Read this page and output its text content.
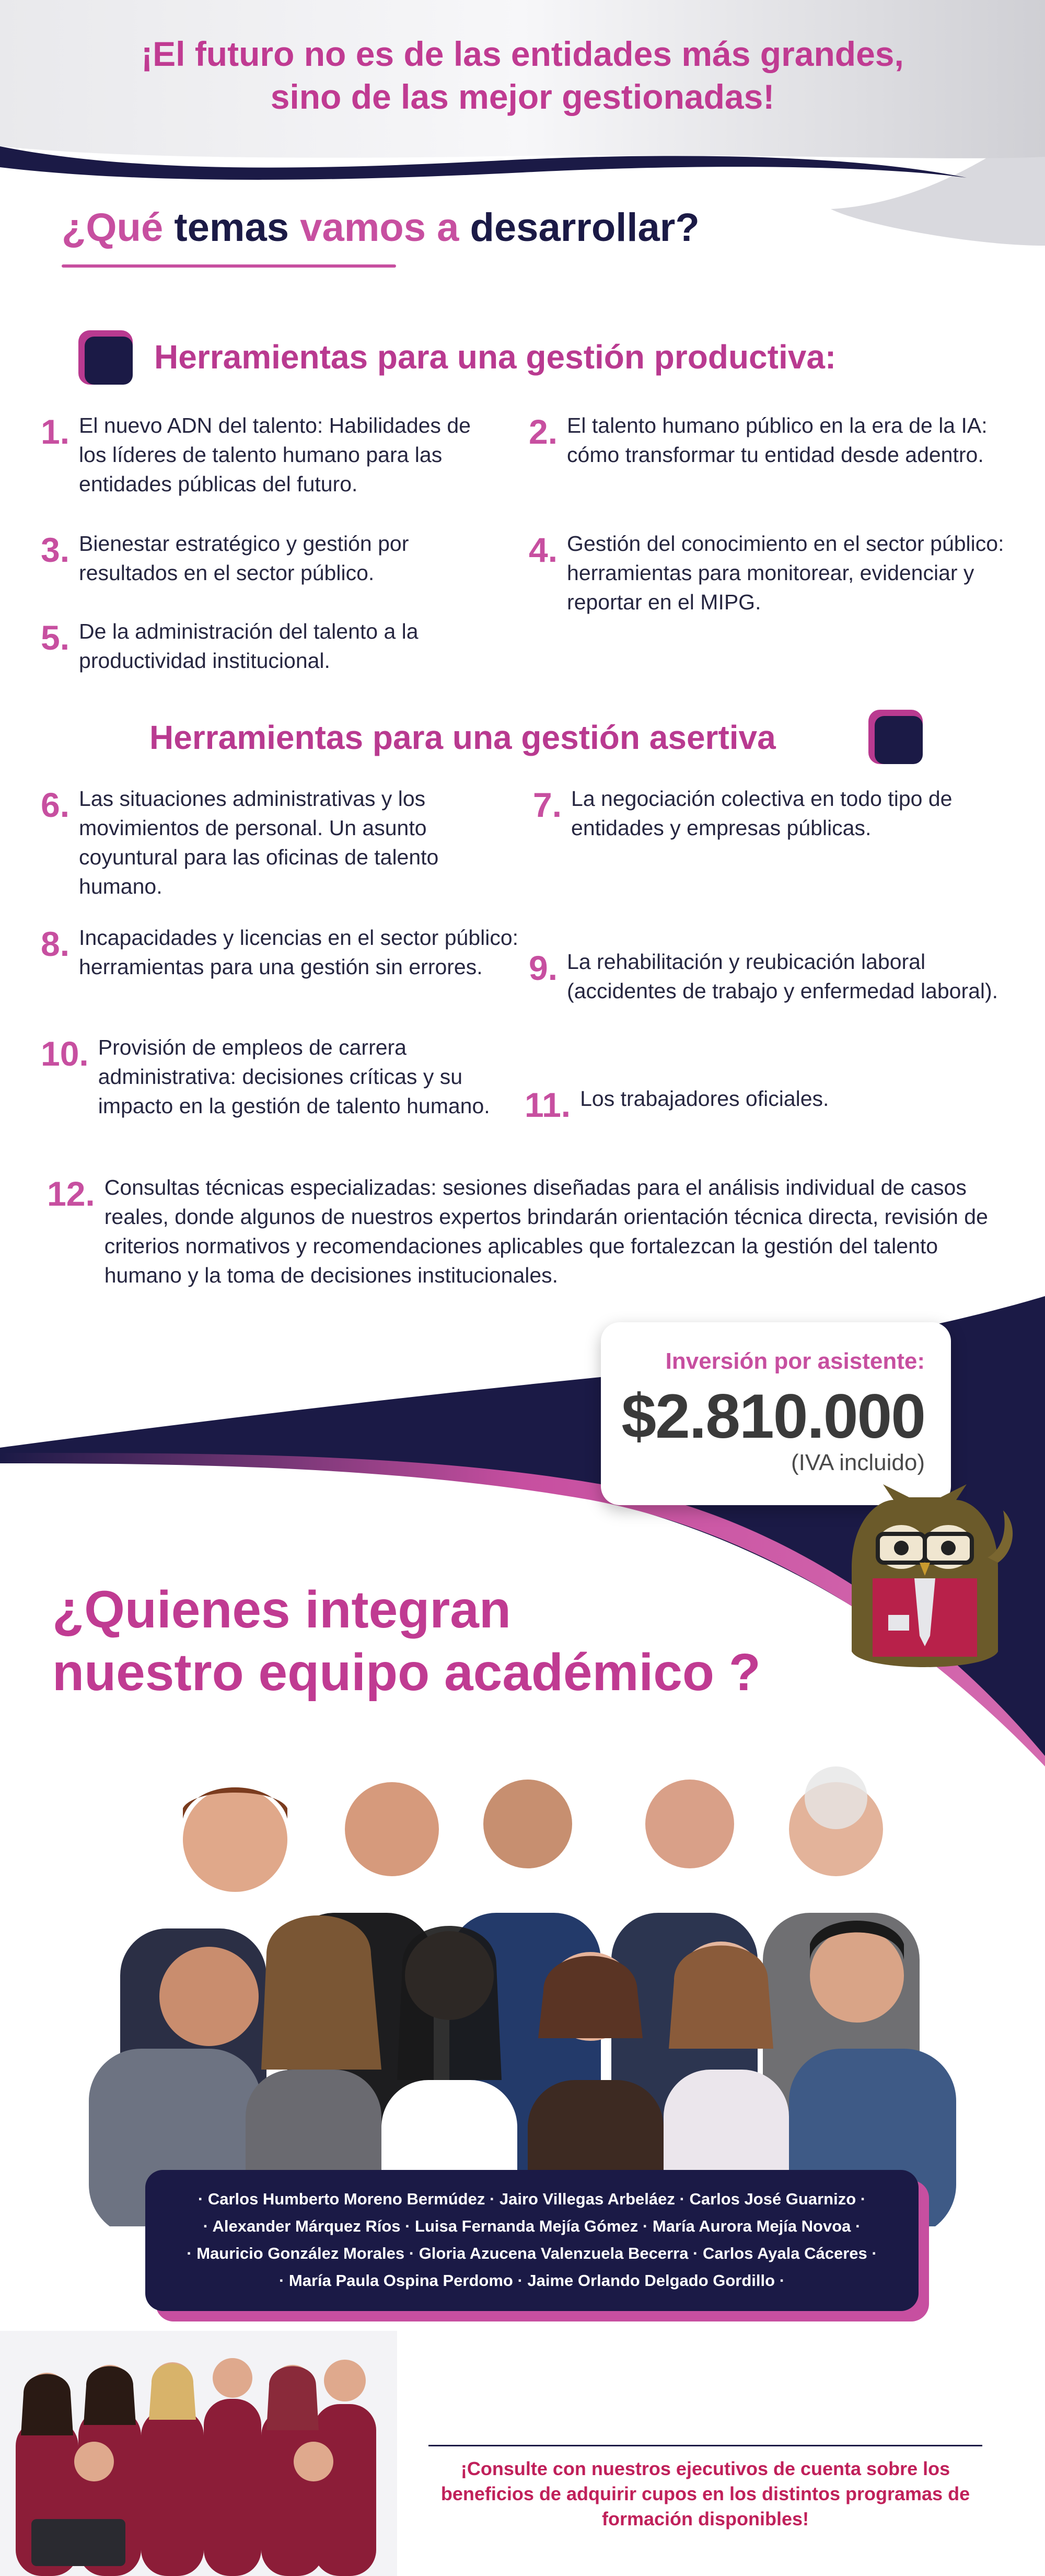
¡El futuro no es de las entidades más grandes,
sino de las mejor gestionadas!
¿Qué temas vamos a desarrollar?
Herramientas para una gestión productiva:
1. El nuevo ADN del talento: Habilidades de los líderes de talento humano para las entidades públicas del futuro.
2. El talento humano público en la era de la IA: cómo transformar tu entidad desde adentro.
3. Bienestar estratégico y gestión por resultados en el sector público.
4. Gestión del conocimiento en el sector público: herramientas para monitorear, evidenciar y reportar en el MIPG.
5. De la administración del talento a la productividad institucional.
Herramientas para una gestión asertiva
6. Las situaciones administrativas y los movimientos de personal. Un asunto coyuntural para las oficinas de talento humano.
7. La negociación colectiva en todo tipo de entidades y empresas públicas.
8. Incapacidades y licencias en el sector público: herramientas para una gestión sin errores.	9. La rehabilitación y reubicación laboral (accidentes de trabajo y enfermedad laboral).
10. Provisión de empleos de carrera administrativa: decisiones críticas y su impacto en la gestión de talento humano.	11. Los trabajadores oficiales.
12. Consultas técnicas especializadas: sesiones diseñadas para el análisis individual de casos reales, donde algunos de nuestros expertos brindarán orientación técnica directa, revisión de criterios normativos y recomendaciones aplicables que fortalezcan la gestión del talento humano y la toma de decisiones institucionales.
Inversión por asistente:
$2.810.000
(IVA incluido)
¿Quienes integran
nuestro equipo académico ?
· Carlos Humberto Moreno Bermúdez · Jairo Villegas Arbeláez · Carlos José Guarnizo ·
· Alexander Márquez Ríos · Luisa Fernanda Mejía Gómez · María Aurora Mejía Novoa ·
· Mauricio González Morales · Gloria Azucena Valenzuela Becerra · Carlos Ayala Cáceres ·
· María Paula Ospina Perdomo · Jaime Orlando Delgado Gordillo ·
¡Consulte con nuestros ejecutivos de cuenta sobre los
beneficios de adquirir cupos en los distintos programas de
formación disponibles!
